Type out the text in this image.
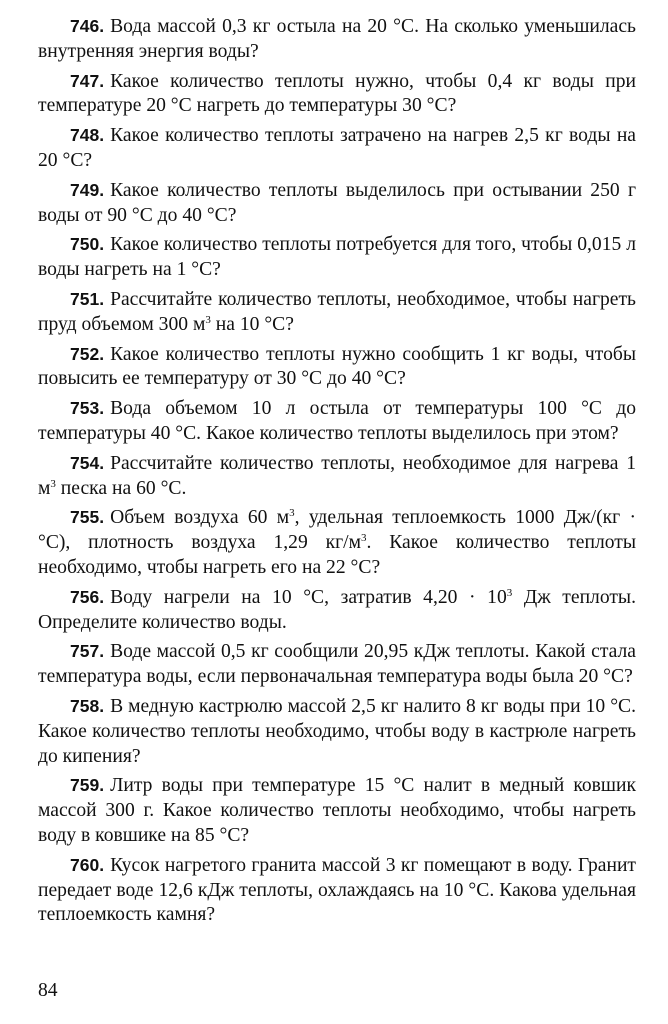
746. Вода массой 0,3 кг остыла на 20 °С. На сколько уменьшилась внутренняя энергия воды?

747. Какое количество теплоты нужно, чтобы 0,4 кг воды при температуре 20 °С нагреть до температуры 30 °С?

748. Какое количество теплоты затрачено на нагрев 2,5 кг воды на 20 °С?

749. Какое количество теплоты выделилось при остывании 250 г воды от 90 °С до 40 °С?

750. Какое количество теплоты потребуется для того, чтобы 0,015 л воды нагреть на 1 °С?

751. Рассчитайте количество теплоты, необходимое, чтобы нагреть пруд объемом 300 $м^3$ на 10 °С?

752. Какое количество теплоты нужно сообщить 1 кг воды, чтобы повысить ее температуру от 30 °С до 40 °С?

753. Вода объемом 10 л остыла от температуры 100 °С до температуры 40 °С. Какое количество теплоты выделилось при этом?

754. Рассчитайте количество теплоты, необходимое для нагрева 1 $м^3$ песка на 60 °С.

755. Объем воздуха 60 $м^3$, удельная теплоемкость 1000 Дж/(кг · °С), плотность воздуха 1,29 $кг/м^3$. Какое количество теплоты необходимо, чтобы нагреть его на 22 °С?

756. Воду нагрели на 10 °С, затратив $4,20 \cdot 10^3$ Дж теплоты. Определите количество воды.

757. Воде массой 0,5 кг сообщили 20,95 кДж теплоты. Какой стала температура воды, если первоначальная температура воды была 20 °С?

758. В медную кастрюлю массой 2,5 кг налито 8 кг воды при 10 °С. Какое количество теплоты необходимо, чтобы воду в кастрюле нагреть до кипения?

759. Литр воды при температуре 15 °С налит в медный ковшик массой 300 г. Какое количество теплоты необходимо, чтобы нагреть воду в ковшике на 85 °С?

760. Кусок нагретого гранита массой 3 кг помещают в воду. Гранит передает воде 12,6 кДж теплоты, охлаждаясь на 10 °С. Какова удельная теплоемкость камня?

84
